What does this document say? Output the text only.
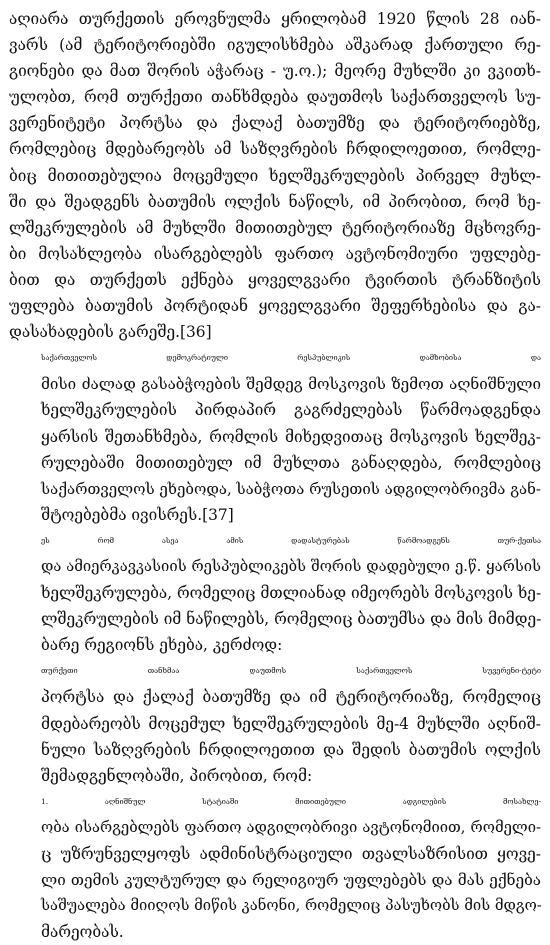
აღიარა თურქეთის ეროვნულმა ყრილობამ 1920 წლის 28 იან-
ვარს (ამ ტერიტორიებში იგულისხმება აშკარად ქართული რე-
გიონები და მათ შორის აჭარაც - უ.ო.); მეორე მუხლში კი ვკითხ-
ულობთ, რომ თურქეთი თანხმდება დაუთმოს საქართველოს სუ-
ვერენიტეტი პორტსა და ქალაქ ბათუმზე და ტერიტორიებზე,
რომლებიც მდებარეობს ამ საზღვრების ჩრდილოეთით, რომლე-
ბიც მითითებულია მოცემული ხელშეკრულების პირველ მუხლ-
ში და შეადგენს ბათუმის ოლქის ნაწილს, იმ პირობით, რომ ხე-
ლშეკრულების ამ მუხლში მითითებულ ტერიტორიაზე მცხოვრე-
ბი მოსახლეობა ისარგებლებს ფართო ავტონომიური უფლებე-
ბით და თურქეთს ექნება ყოველგვარი ტვირთის ტრანზიტის
უფლება ბათუმის პორტიდან ყოველგვარი შეფერხებისა და გა-
დასახადების გარეშე.[36]

საქართველოს დემოკრატიული რესპუბლიკის დამხობისა და
მისი ძალად გასაბჭოების შემდეგ მოსკოვის ზემოთ აღნიშნული
ხელშეკრულების პირდაპირ გაგრძელებას წარმოადგენდა
ყარსის შეთანხმება, რომლის მიხედვითაც მოსკოვის ხელშეკ-
რულებაში მითითებულ იმ მუხლთა განაღდება, რომლებიც
საქართველოს ეხებოდა, საბჭოთა რუსეთის ადგილობრივმა გან-
შტოებებმა ივისრეს.[37]

ეს რომ ასეა ამის დადასტურებას წარმოადგენს თურ-ქეთსა
და ამიერკავკასიის რესპუბლიკებს შორის დადებული ე.წ. ყარსის
ხელშეკრულება, რომელიც მთლიანად იმეორებს მოსკოვის ხე-
ლშეკრულების იმ ნაწილებს, რომელიც ბათუმსა და მის მიმდე-
ბარე რეგიონს ეხება, კერძოდ:

თურქეთი თანხმაა დაუთმოს საქართველოს სუვერენი-ტეტი
პორტსა და ქალაქ ბათუმზე და იმ ტერიტორიაზე, რომელიც
მდებარეობს მოცემულ ხელშეკრულების მე-4 მუხლში აღნიშ-
ნული საზღვრების ჩრდილოეთით და შედის ბათუმის ოლქის
შემადგენლობაში, პირობით, რომ:

1. აღნიშნულ სტატიაში მითითებული ადგილების მოსახლე-
ობა ისარგებლებს ფართო ადგილობრივი ავტონომიით, რომელი-
ც უზრუნველყოფს ადმინისტრაციული თვალსაზრისით ყოვე-
ლი თემის კულტურულ და რელიგიურ უფლებებს და მას ექნება
საშუალება მიიღოს მიწის კანონი, რომელიც პასუხობს მის მდგო-
მარეობას.
